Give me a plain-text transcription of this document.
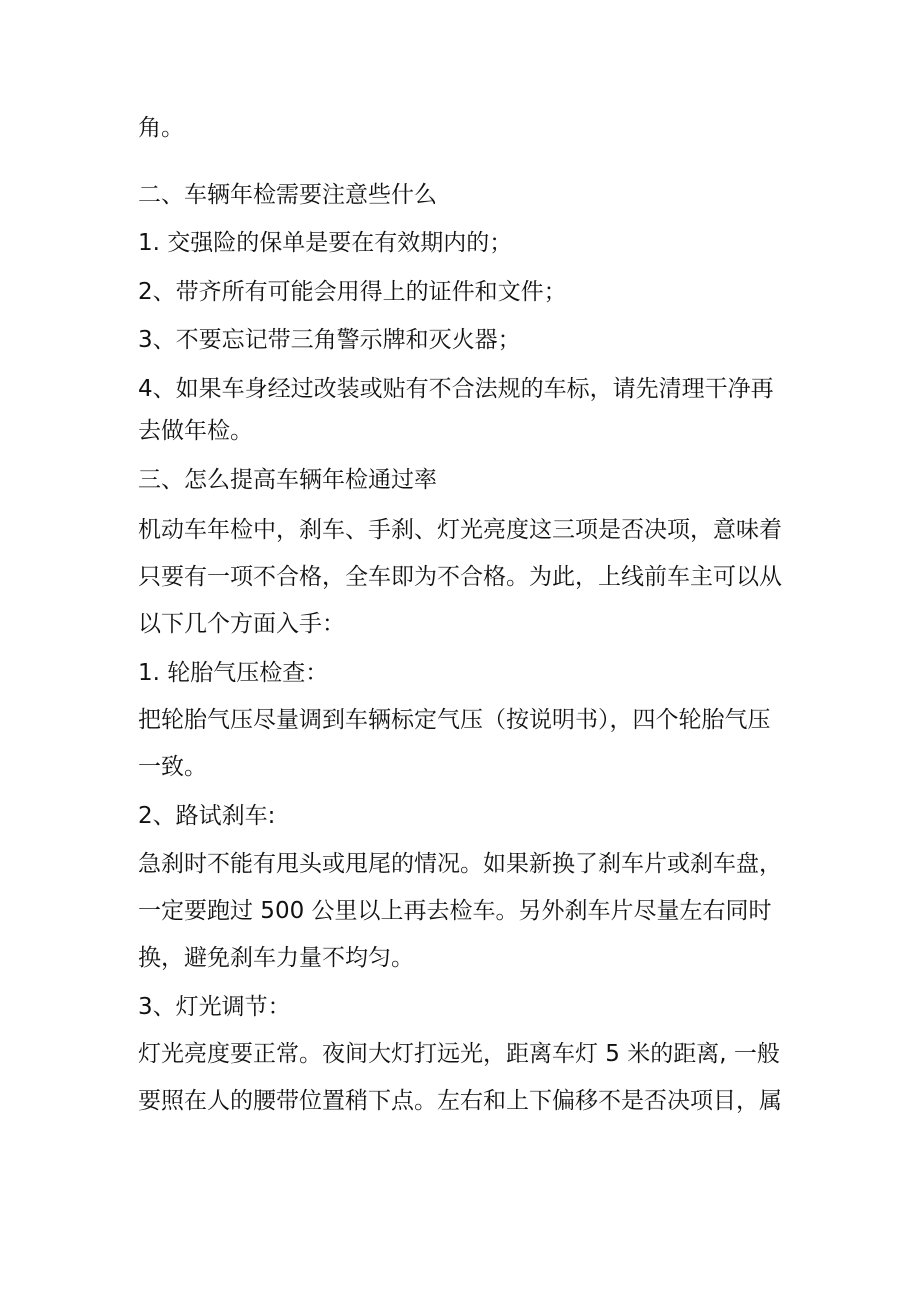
角。
二、车辆年检需要注意些什么
1. 交强险的保单是要在有效期内的；
2、带齐所有可能会用得上的证件和文件；
3、不要忘记带三角警示牌和灭火器；
4、如果车身经过改装或贴有不合法规的车标，请先清理干净再
去做年检。
三、怎么提高车辆年检通过率
机动车年检中，刹车、手刹、灯光亮度这三项是否决项，意味着
只要有一项不合格，全车即为不合格。为此，上线前车主可以从
以下几个方面入手：
1. 轮胎气压检查：
把轮胎气压尽量调到车辆标定气压（按说明书），四个轮胎气压
一致。
2、路试刹车:
急刹时不能有甩头或甩尾的情况。如果新换了刹车片或刹车盘，
一定要跑过 500 公里以上再去检车。另外刹车片尽量左右同时
换，避免刹车力量不均匀。
3、灯光调节：
灯光亮度要正常。夜间大灯打远光，距离车灯 5 米的距离, 一般
要照在人的腰带位置稍下点。左右和上下偏移不是否决项目，属
